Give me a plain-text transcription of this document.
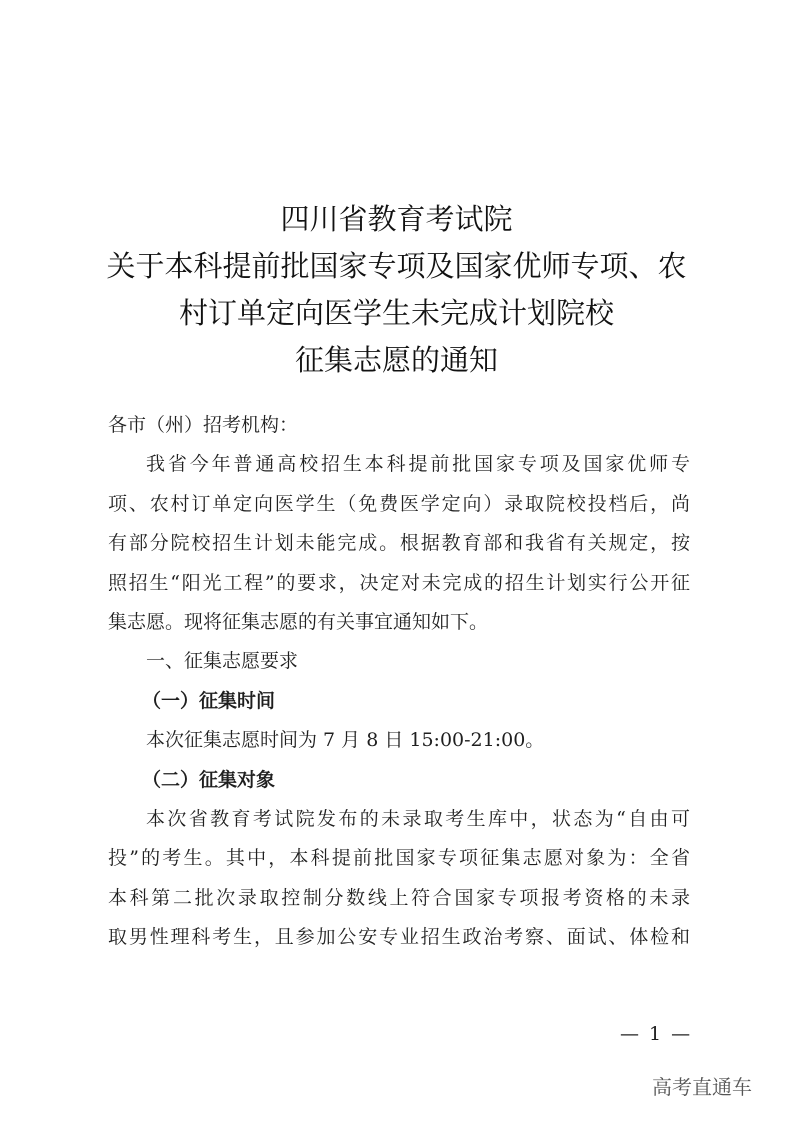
四川省教育考试院
关于本科提前批国家专项及国家优师专项、农
村订单定向医学生未完成计划院校
征集志愿的通知
各市（州）招考机构：
我省今年普通高校招生本科提前批国家专项及国家优师专
项、农村订单定向医学生（免费医学定向）录取院校投档后，尚
有部分院校招生计划未能完成。根据教育部和我省有关规定，按
照招生“阳光工程”的要求，决定对未完成的招生计划实行公开征
集志愿。现将征集志愿的有关事宜通知如下。
一、征集志愿要求
（一）征集时间
本次征集志愿时间为 7 月 8 日 15:00-21:00。
（二）征集对象
本次省教育考试院发布的未录取考生库中，状态为“自由可
投”的考生。其中，本科提前批国家专项征集志愿对象为：全省
本科第二批次录取控制分数线上符合国家专项报考资格的未录
取男性理科考生，且参加公安专业招生政治考察、面试、体检和
— 1 —
高考直通车
